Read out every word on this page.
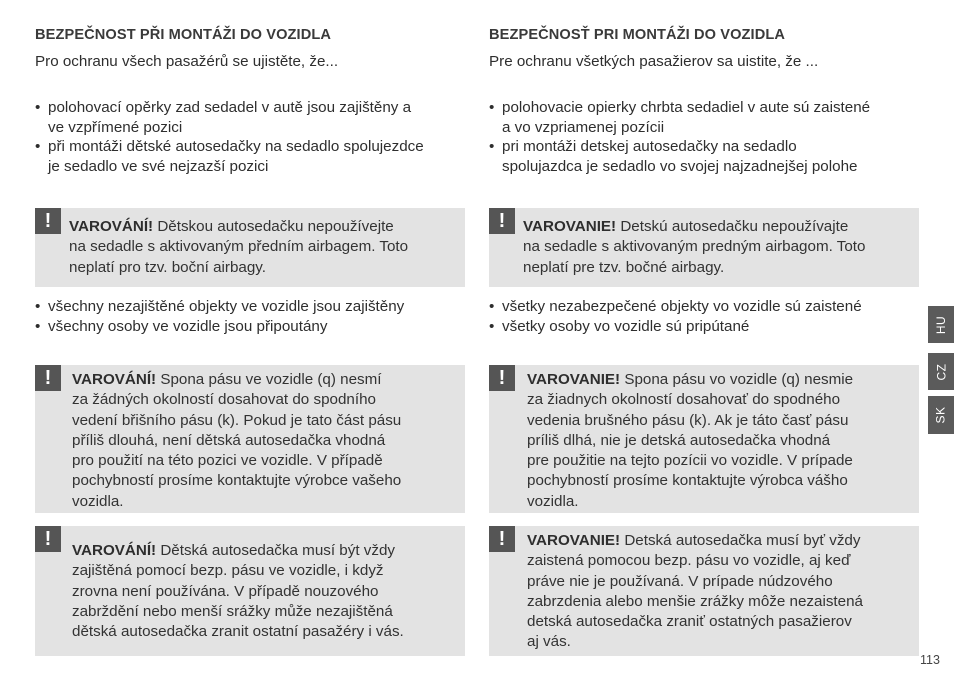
BEZPEČNOST PŘI MONTÁŽI DO VOZIDLA
Pro ochranu všech pasažérů se ujistěte, že...
• polohovací opěrky zad sedadel v autě jsou zajištěny a
ve vzpřímené pozici
• při montáži dětské autosedačky na sedadlo spolujezdce
je sedadlo ve své nejzazší pozici
!	VAROVÁNÍ! Dětskou autosedačku nepoužívejte
na sedadle s aktivovaným předním airbagem. Toto
neplatí pro tzv. boční airbagy.
• všechny nezajištěné objekty ve vozidle jsou zajištěny
• všechny osoby ve vozidle jsou připoutány
!	VAROVÁNÍ! Spona pásu ve vozidle (q) nesmí
za žádných okolností dosahovat do spodního
vedení břišního pásu (k). Pokud je tato část pásu
příliš dlouhá, není dětská autosedačka vhodná
pro použití na této pozici ve vozidle. V případě
pochybností prosíme kontaktujte výrobce vašeho
vozidla.
!
VAROVÁNÍ! Dětská autosedačka musí být vždy
zajištěná pomocí bezp. pásu ve vozidle, i když
zrovna není používána. V případě nouzového
zabrždění nebo menší srážky může nezajištěná
dětská autosedačka zranit ostatní pasažéry i vás.
BEZPEČNOSŤ PRI MONTÁŽI DO VOZIDLA
Pre ochranu všetkých pasažierov sa uistite, že ...
• polohovacie opierky chrbta sedadiel v aute sú zaistené
a vo vzpriamenej pozícii
• pri montáži detskej autosedačky na sedadlo
spolujazdca je sedadlo vo svojej najzadnejšej polohe
!	VAROVANIE! Detskú autosedačku nepoužívajte
na sedadle s aktivovaným predným airbagom. Toto
neplatí pre tzv. bočné airbagy.
• všetky nezabezpečené objekty vo vozidle sú zaistené
• všetky osoby vo vozidle sú pripútané
!	VAROVANIE! Spona pásu vo vozidle (q) nesmie
za žiadnych okolností dosahovať do spodného
vedenia brušného pásu (k). Ak je táto časť pásu
príliš dlhá, nie je detská autosedačka vhodná
pre použitie na tejto pozícii vo vozidle. V prípade
pochybností prosíme kontaktujte výrobca vášho
vozidla.
!	VAROVANIE! Detská autosedačka musí byť vždy
zaistená pomocou bezp. pásu vo vozidle, aj keď
práve nie je používaná. V prípade núdzového
zabrzdenia alebo menšie zrážky môže nezaistená
detská autosedačka zraniť ostatných pasažierov
aj vás.
HU
CZ
SK
113
